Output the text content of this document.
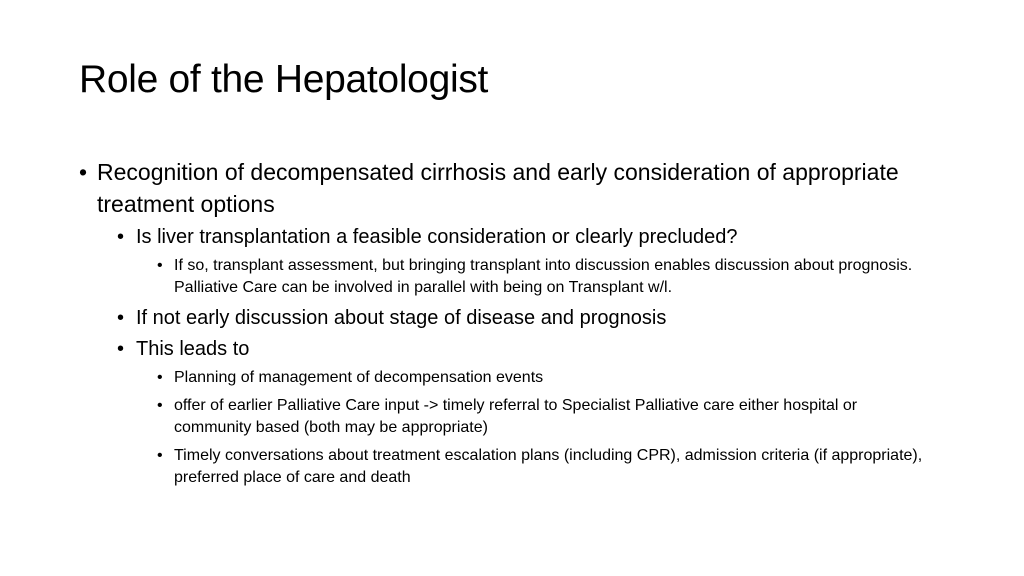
Role of the Hepatologist
• Recognition of decompensated cirrhosis and early consideration of appropriate treatment options
• Is liver transplantation a feasible consideration or clearly precluded?
• If so, transplant assessment, but bringing transplant into discussion enables discussion about prognosis. Palliative Care can be involved in parallel with being on Transplant w/l.
• If not early discussion about stage of disease and prognosis
• This leads to
• Planning of management of decompensation events
• offer of earlier Palliative Care input -> timely referral to Specialist Palliative care either hospital or community based (both may be appropriate)
• Timely conversations about treatment escalation plans (including CPR), admission criteria (if appropriate), preferred place of care and death
